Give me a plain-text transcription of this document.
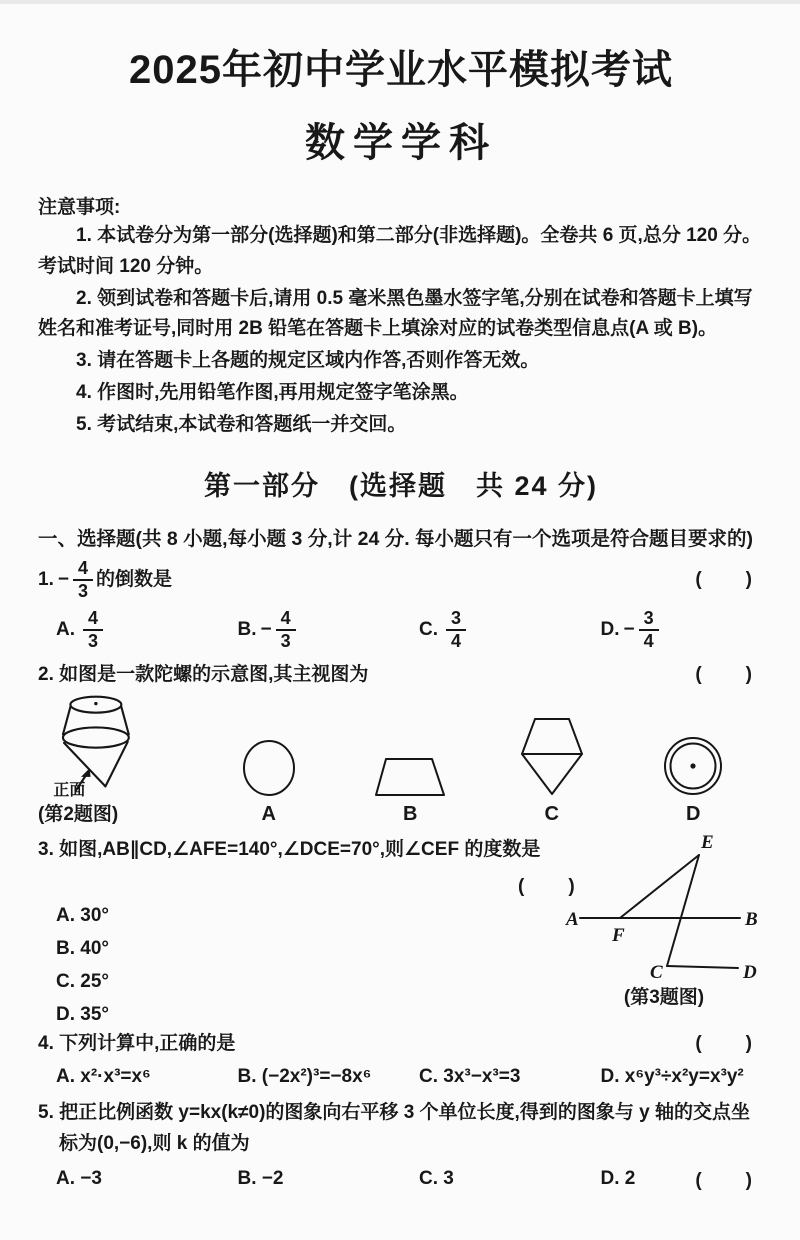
2025年初中学业水平模拟考试
数学学科
注意事项:

1. 本试卷分为第一部分(选择题)和第二部分(非选择题)。全卷共 6 页,总分 120 分。考试时间 120 分钟。

2. 领到试卷和答题卡后,请用 0.5 毫米黑色墨水签字笔,分别在试卷和答题卡上填写姓名和准考证号,同时用 2B 铅笔在答题卡上填涂对应的试卷类型信息点(A 或 B)。

3. 请在答题卡上各题的规定区域内作答,否则作答无效。

4. 作图时,先用铅笔作图,再用规定签字笔涂黑。

5. 考试结束,本试卷和答题纸一并交回。

第一部分　(选择题　共 24 分)
一、选择题(共 8 小题,每小题 3 分,计 24 分. 每小题只有一个选项是符合题目要求的)
1. − $\frac{4}{3}$ 的倒数是	(　　)
A. $\frac{4}{3}$	B. − $\frac{4}{3}$	C. $\frac{3}{4}$	D. − $\frac{3}{4}$
2. 如图是一款陀螺的示意图,其主视图为	(　　)
正面
(第2题图)	A	B	C	D
3. 如图,AB∥CD,∠AFE=140°,∠DCE=70°,则∠CEF 的度数是
(　　)
A. 30°
B. 40°
C. 25°
D. 35°
A	B
F
E
C	D
(第3题图)
4. 下列计算中,正确的是	(　　)
A. x²·x³=x⁶	B. (−2x²)³=−8x⁶	C. 3x³−x³=3	D. x⁶y³÷x²y=x³y²
5. 把正比例函数 y=kx(k≠0)的图象向右平移 3 个单位长度,得到的图象与 y 轴的交点坐标为(0,−6),则 k 的值为
(　　)
A. −3	B. −2	C. 3	D. 2
